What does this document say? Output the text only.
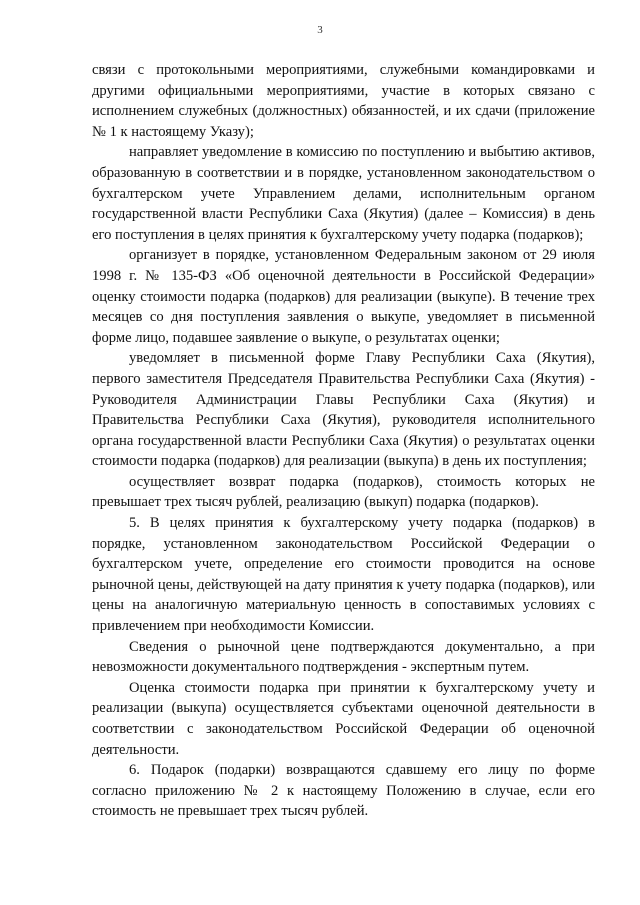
3

связи с протокольными мероприятиями, служебными командировками и другими официальными мероприятиями, участие в которых связано с исполнением служебных (должностных) обязанностей, и их сдачи (приложение № 1 к настоящему Указу);

направляет уведомление в комиссию по поступлению и выбытию активов, образованную в соответствии и в порядке, установленном законодательством о бухгалтерском учете Управлением делами, исполнительным органом государственной власти Республики Саха (Якутия) (далее – Комиссия) в день его поступления в целях принятия к бухгалтерскому учету подарка (подарков);

организует в порядке, установленном Федеральным законом от 29 июля 1998 г. № 135-ФЗ «Об оценочной деятельности в Российской Федерации» оценку стоимости подарка (подарков) для реализации (выкупе). В течение трех месяцев со дня поступления заявления о выкупе, уведомляет в письменной форме лицо, подавшее заявление о выкупе, о результатах оценки;

уведомляет в письменной форме Главу Республики Саха (Якутия), первого заместителя Председателя Правительства Республики Саха (Якутия) - Руководителя Администрации Главы Республики Саха (Якутия) и Правительства Республики Саха (Якутия), руководителя исполнительного органа государственной власти Республики Саха (Якутия) о результатах оценки стоимости подарка (подарков) для реализации (выкупа) в день их поступления;

осуществляет возврат подарка (подарков), стоимость которых не превышает трех тысяч рублей, реализацию (выкуп) подарка (подарков).

5. В целях принятия к бухгалтерскому учету подарка (подарков) в порядке, установленном законодательством Российской Федерации о бухгалтерском учете, определение его стоимости проводится на основе рыночной цены, действующей на дату принятия к учету подарка (подарков), или цены на аналогичную материальную ценность в сопоставимых условиях с привлечением при необходимости Комиссии.

Сведения о рыночной цене подтверждаются документально, а при невозможности документального подтверждения - экспертным путем.

Оценка стоимости подарка при принятии к бухгалтерскому учету и реализации (выкупа) осуществляется субъектами оценочной деятельности в соответствии с законодательством Российской Федерации об оценочной деятельности.

6. Подарок (подарки) возвращаются сдавшему его лицу по форме согласно приложению № 2 к настоящему Положению в случае, если его стоимость не превышает трех тысяч рублей.
